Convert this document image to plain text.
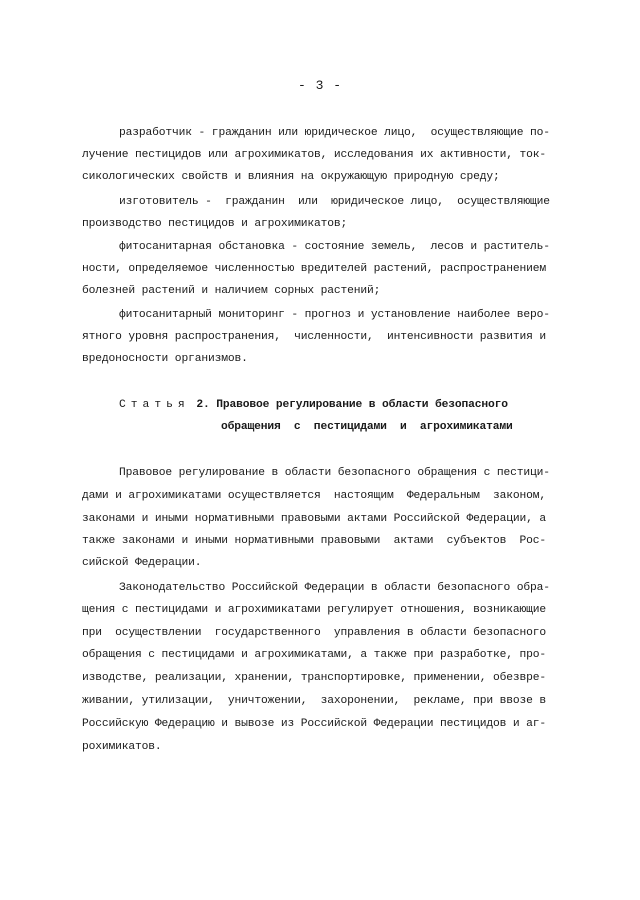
- 3 -
разработчик - гражданин или юридическое лицо,  осуществляющие по-
лучение пестицидов или агрохимикатов, исследования их активности, ток-
сикологических свойств и влияния на окружающую природную среду;
изготовитель -  гражданин  или  юридическое лицо,  осуществляющие
производство пестицидов и агрохимикатов;
фитосанитарная обстановка - состояние земель,  лесов и раститель-
ности, определяемое численностью вредителей растений, распространением
болезней растений и наличием сорных растений;
фитосанитарный мониторинг - прогноз и установление наиболее веро-
ятного уровня распространения,  численности,  интенсивности развития и
вредоносности организмов.
Статья 2. Правовое регулирование в области безопасного
обращения  с  пестицидами  и  агрохимикатами
Правовое регулирование в области безопасного обращения с пестици-
дами и агрохимикатами осуществляется  настоящим  Федеральным  законом,
законами и иными нормативными правовыми актами Российской Федерации, а
также законами и иными нормативными правовыми  актами  субъектов  Рос-
сийской Федерации.
Законодательство Российской Федерации в области безопасного обра-
щения с пестицидами и агрохимикатами регулирует отношения, возникающие
при  осуществлении  государственного  управления в области безопасного
обращения с пестицидами и агрохимикатами, а также при разработке, про-
изводстве, реализации, хранении, транспортировке, применении, обезвре-
живании, утилизации,  уничтожении,  захоронении,  рекламе, при ввозе в
Российскую Федерацию и вывозе из Российской Федерации пестицидов и аг-
рохимикатов.
